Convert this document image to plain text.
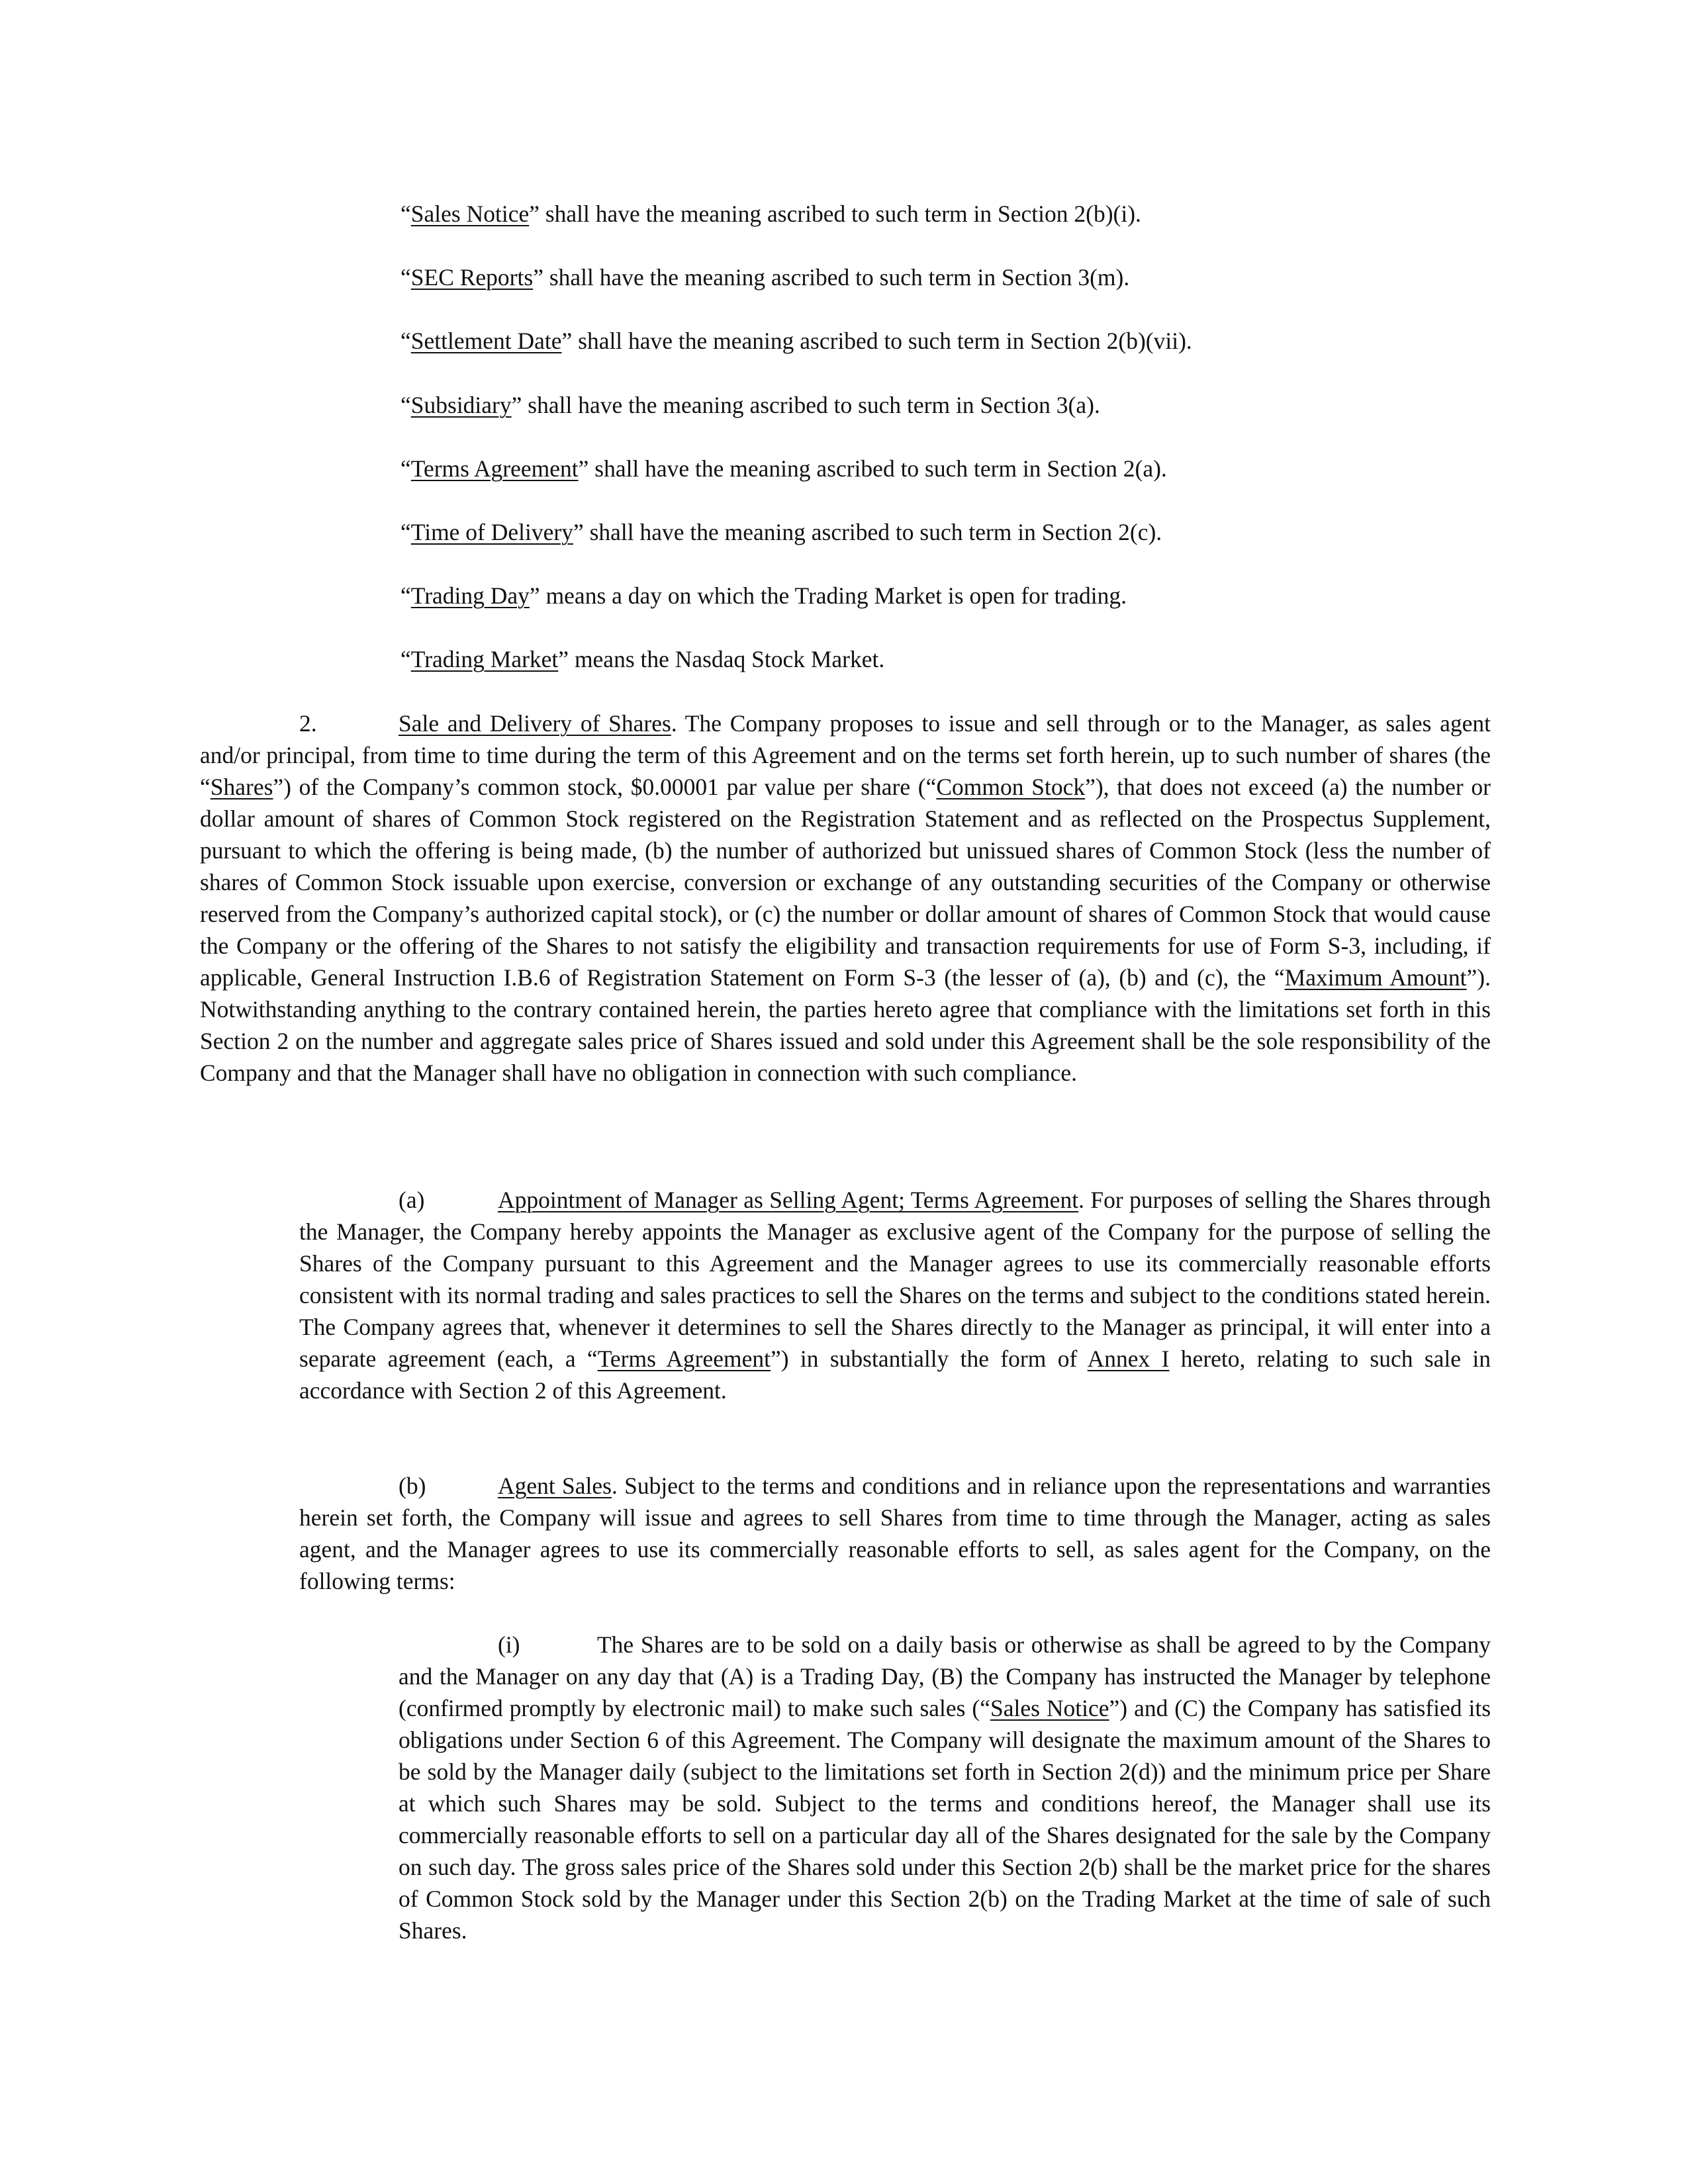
“Sales Notice” shall have the meaning ascribed to such term in Section 2(b)(i).

“SEC Reports” shall have the meaning ascribed to such term in Section 3(m).

“Settlement Date” shall have the meaning ascribed to such term in Section 2(b)(vii).

“Subsidiary” shall have the meaning ascribed to such term in Section 3(a).

“Terms Agreement” shall have the meaning ascribed to such term in Section 2(a).

“Time of Delivery” shall have the meaning ascribed to such term in Section 2(c).

“Trading Day” means a day on which the Trading Market is open for trading.

“Trading Market” means the Nasdaq Stock Market.

2.	Sale and Delivery of Shares. The Company proposes to issue and sell through or to the Manager, as sales agent and/or principal, from time to time during the term of this Agreement and on the terms set forth herein, up to such number of shares (the “Shares”) of the Company’s common stock, $0.00001 par value per share (“Common Stock”), that does not exceed (a) the number or dollar amount of shares of Common Stock registered on the Registration Statement and as reflected on the Prospectus Supplement, pursuant to which the offering is being made, (b) the number of authorized but unissued shares of Common Stock (less the number of shares of Common Stock issuable upon exercise, conversion or exchange of any outstanding securities of the Company or otherwise reserved from the Company’s authorized capital stock), or (c) the number or dollar amount of shares of Common Stock that would cause the Company or the offering of the Shares to not satisfy the eligibility and transaction requirements for use of Form S-3, including, if applicable, General Instruction I.B.6 of Registration Statement on Form S-3 (the lesser of (a), (b) and (c), the “Maximum Amount”). Notwithstanding anything to the contrary contained herein, the parties hereto agree that compliance with the limitations set forth in this Section 2 on the number and aggregate sales price of Shares issued and sold under this Agreement shall be the sole responsibility of the Company and that the Manager shall have no obligation in connection with such compliance.

(a)	Appointment of Manager as Selling Agent; Terms Agreement. For purposes of selling the Shares through the Manager, the Company hereby appoints the Manager as exclusive agent of the Company for the purpose of selling the Shares of the Company pursuant to this Agreement and the Manager agrees to use its commercially reasonable efforts consistent with its normal trading and sales practices to sell the Shares on the terms and subject to the conditions stated herein. The Company agrees that, whenever it determines to sell the Shares directly to the Manager as principal, it will enter into a separate agreement (each, a “Terms Agreement”) in substantially the form of Annex I hereto, relating to such sale in accordance with Section 2 of this Agreement.

(b)	Agent Sales. Subject to the terms and conditions and in reliance upon the representations and warranties herein set forth, the Company will issue and agrees to sell Shares from time to time through the Manager, acting as sales agent, and the Manager agrees to use its commercially reasonable efforts to sell, as sales agent for the Company, on the following terms:

(i)	The Shares are to be sold on a daily basis or otherwise as shall be agreed to by the Company and the Manager on any day that (A) is a Trading Day, (B) the Company has instructed the Manager by telephone (confirmed promptly by electronic mail) to make such sales (“Sales Notice”) and (C) the Company has satisfied its obligations under Section 6 of this Agreement. The Company will designate the maximum amount of the Shares to be sold by the Manager daily (subject to the limitations set forth in Section 2(d)) and the minimum price per Share at which such Shares may be sold. Subject to the terms and conditions hereof, the Manager shall use its commercially reasonable efforts to sell on a particular day all of the Shares designated for the sale by the Company on such day. The gross sales price of the Shares sold under this Section 2(b) shall be the market price for the shares of Common Stock sold by the Manager under this Section 2(b) on the Trading Market at the time of sale of such Shares.
